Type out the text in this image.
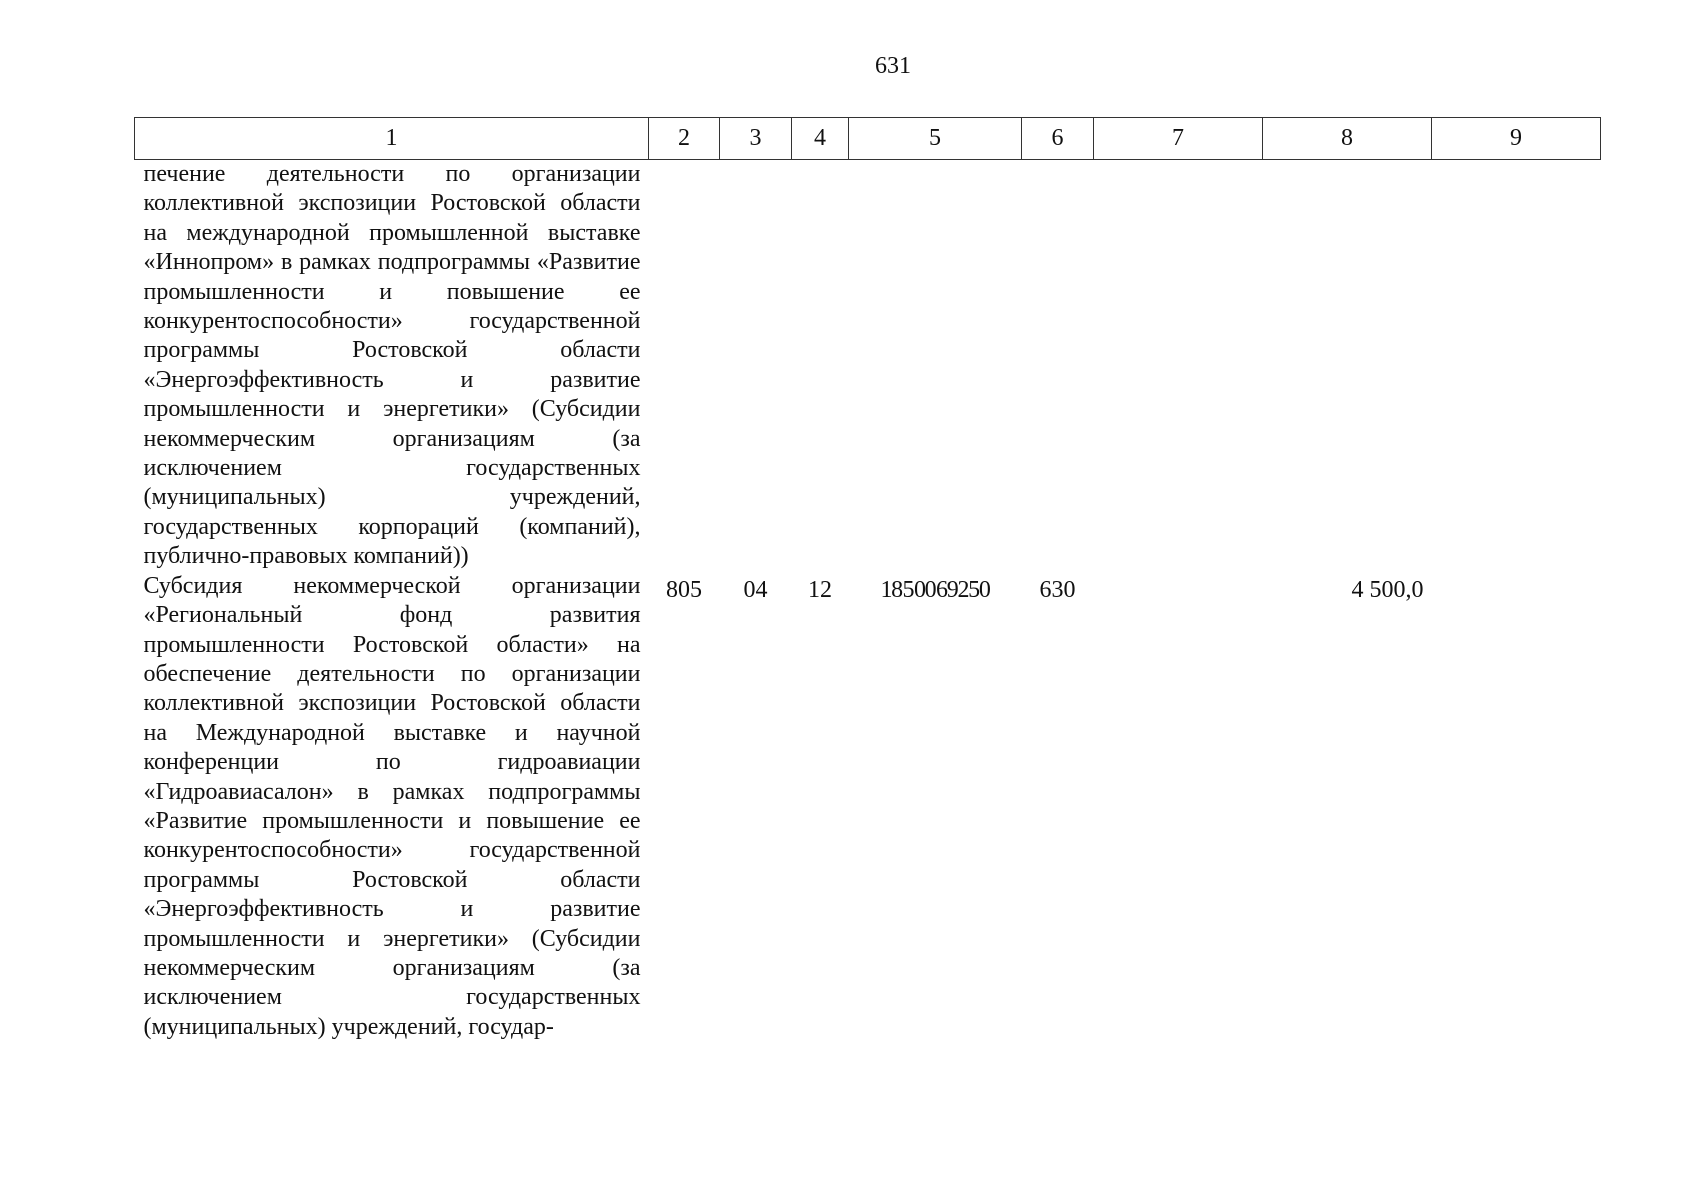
631
1	2	3	4	5	6	7	8	9
печение деятельности по организации коллективной экспозиции Ростовской области на международной промышленной выставке «Иннопром» в рамках подпрограммы «Развитие промышленности и повышение ее конкурентоспособности» государственной программы Ростовской области «Энергоэффективность и развитие промышленности и энергетики» (Субсидии некоммерческим организациям (за исключением государственных (муниципальных) учреждений, государственных корпораций (компаний), публично-правовых компаний))								
Субсидия некоммерческой организации «Региональный фонд развития промышленности Ростовской области» на обеспечение деятельности по организации коллективной экспозиции Ростовской области на Международной выставке и научной конференции по гидроавиации «Гидроавиасалон» в рамках подпрограммы «Развитие промышленности и повышение ее конкурентоспособности» государственной программы Ростовской области «Энергоэффективность и развитие промышленности и энергетики» (Субсидии некоммерческим организациям (за исключением государственных (муниципальных) учреждений, государ-	805	04	12	18 5 00 69250	630		4 500,0	
